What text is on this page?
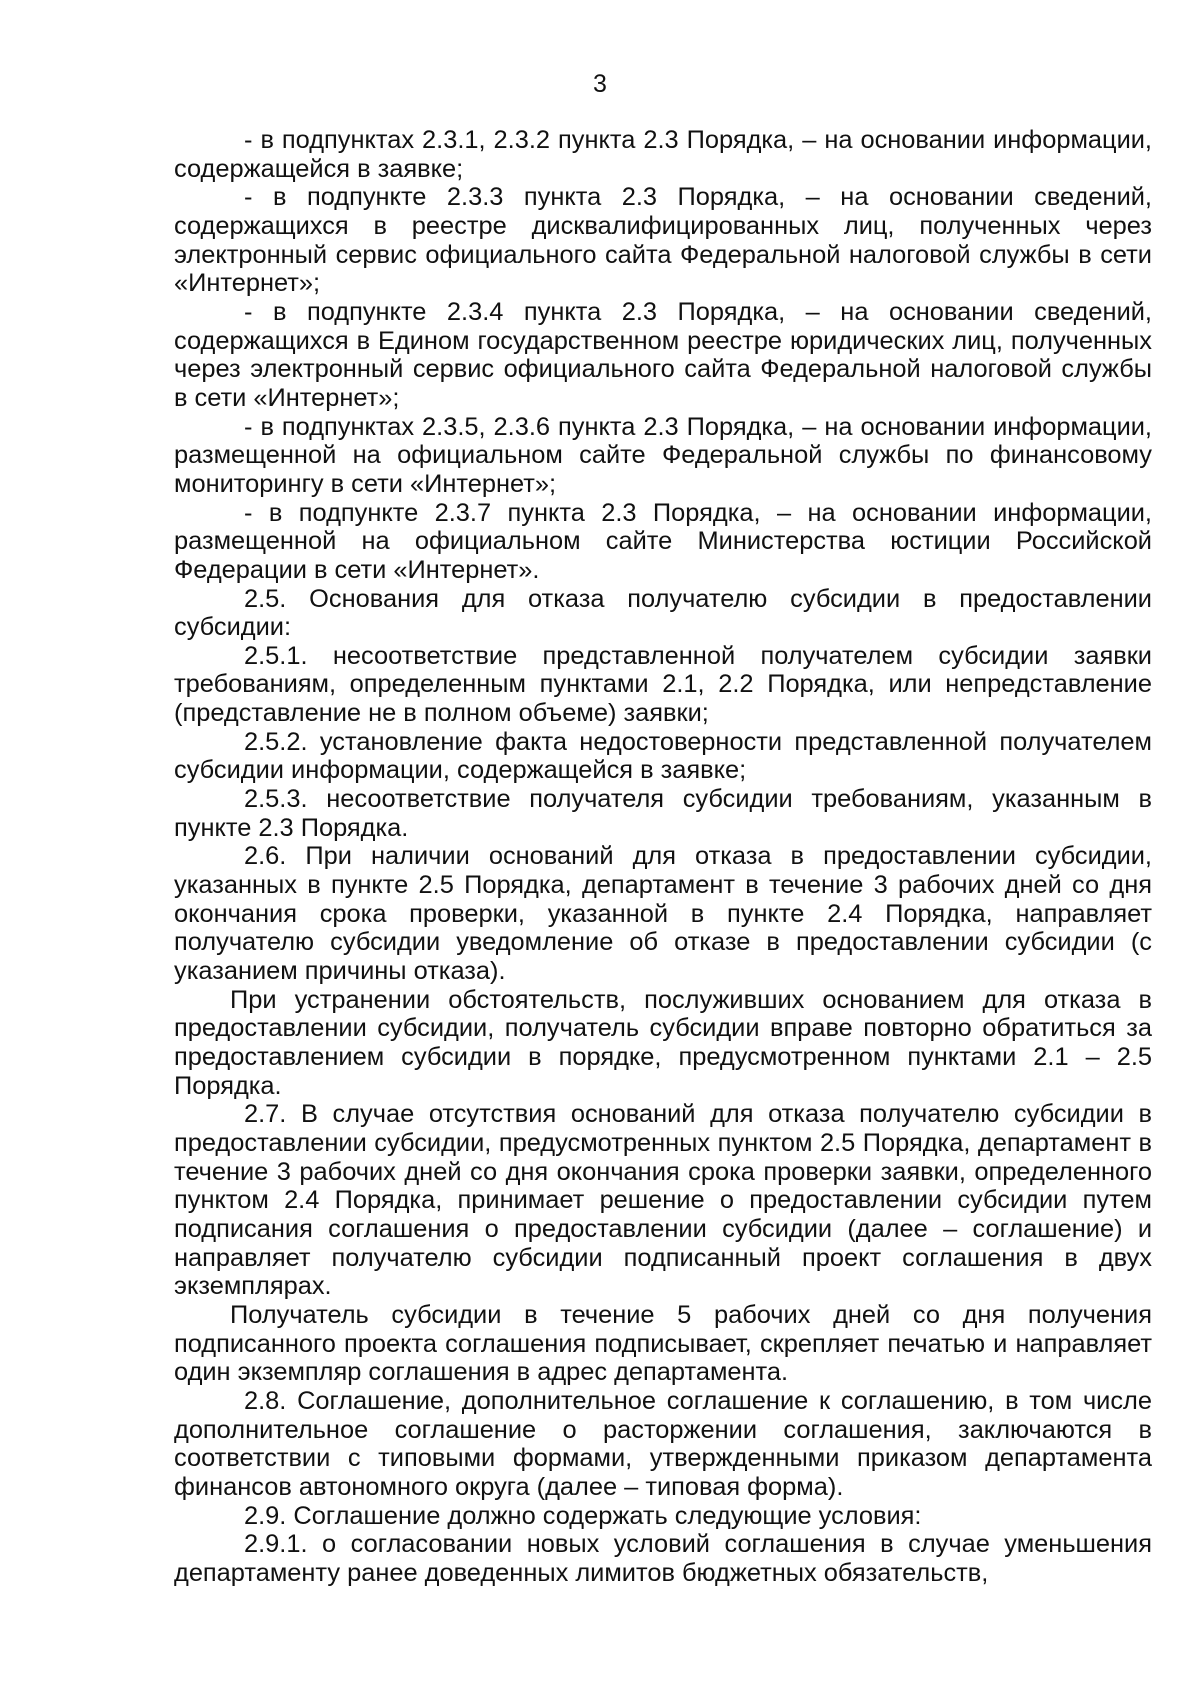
3

- в подпунктах 2.3.1, 2.3.2 пункта 2.3 Порядка, – на основании информации, содержащейся в заявке;

- в подпункте 2.3.3 пункта 2.3 Порядка, – на основании сведений, содержащихся в реестре дисквалифицированных лиц, полученных через электронный сервис официального сайта Федеральной налоговой службы в сети «Интернет»;

- в подпункте 2.3.4 пункта 2.3 Порядка, – на основании сведений, содержащихся в Едином государственном реестре юридических лиц, полученных через электронный сервис официального сайта Федеральной налоговой службы в сети «Интернет»;

- в подпунктах 2.3.5, 2.3.6 пункта 2.3 Порядка, – на основании информации, размещенной на официальном сайте Федеральной службы по финансовому мониторингу в сети «Интернет»;

- в подпункте 2.3.7 пункта 2.3 Порядка, – на основании информации, размещенной на официальном сайте Министерства юстиции Российской Федерации в сети «Интернет».

2.5. Основания для отказа получателю субсидии в предоставлении субсидии:

2.5.1. несоответствие представленной получателем субсидии заявки требованиям, определенным пунктами 2.1, 2.2 Порядка, или непредставление (представление не в полном объеме) заявки;

2.5.2. установление факта недостоверности представленной получателем субсидии информации, содержащейся в заявке;

2.5.3. несоответствие получателя субсидии требованиям, указанным в пункте 2.3 Порядка.

2.6. При наличии оснований для отказа в предоставлении субсидии, указанных в пункте 2.5 Порядка, департамент в течение 3 рабочих дней со дня окончания срока проверки, указанной в пункте 2.4 Порядка, направляет получателю субсидии уведомление об отказе в предоставлении субсидии (с указанием причины отказа).

При устранении обстоятельств, послуживших основанием для отказа в предоставлении субсидии, получатель субсидии вправе повторно обратиться за предоставлением субсидии в порядке, предусмотренном пунктами 2.1 – 2.5 Порядка.

2.7. В случае отсутствия оснований для отказа получателю субсидии в предоставлении субсидии, предусмотренных пунктом 2.5 Порядка, департамент в течение 3 рабочих дней со дня окончания срока проверки заявки, определенного пунктом 2.4 Порядка, принимает решение о предоставлении субсидии путем подписания соглашения о предоставлении субсидии (далее – соглашение) и направляет получателю субсидии подписанный проект соглашения в двух экземплярах.

Получатель субсидии в течение 5 рабочих дней со дня получения подписанного проекта соглашения подписывает, скрепляет печатью и направляет один экземпляр соглашения в адрес департамента.

2.8. Соглашение, дополнительное соглашение к соглашению, в том числе дополнительное соглашение о расторжении соглашения, заключаются в соответствии с типовыми формами, утвержденными приказом департамента финансов автономного округа (далее – типовая форма).

2.9. Соглашение должно содержать следующие условия:

2.9.1. о согласовании новых условий соглашения в случае уменьшения департаменту ранее доведенных лимитов бюджетных обязательств,
